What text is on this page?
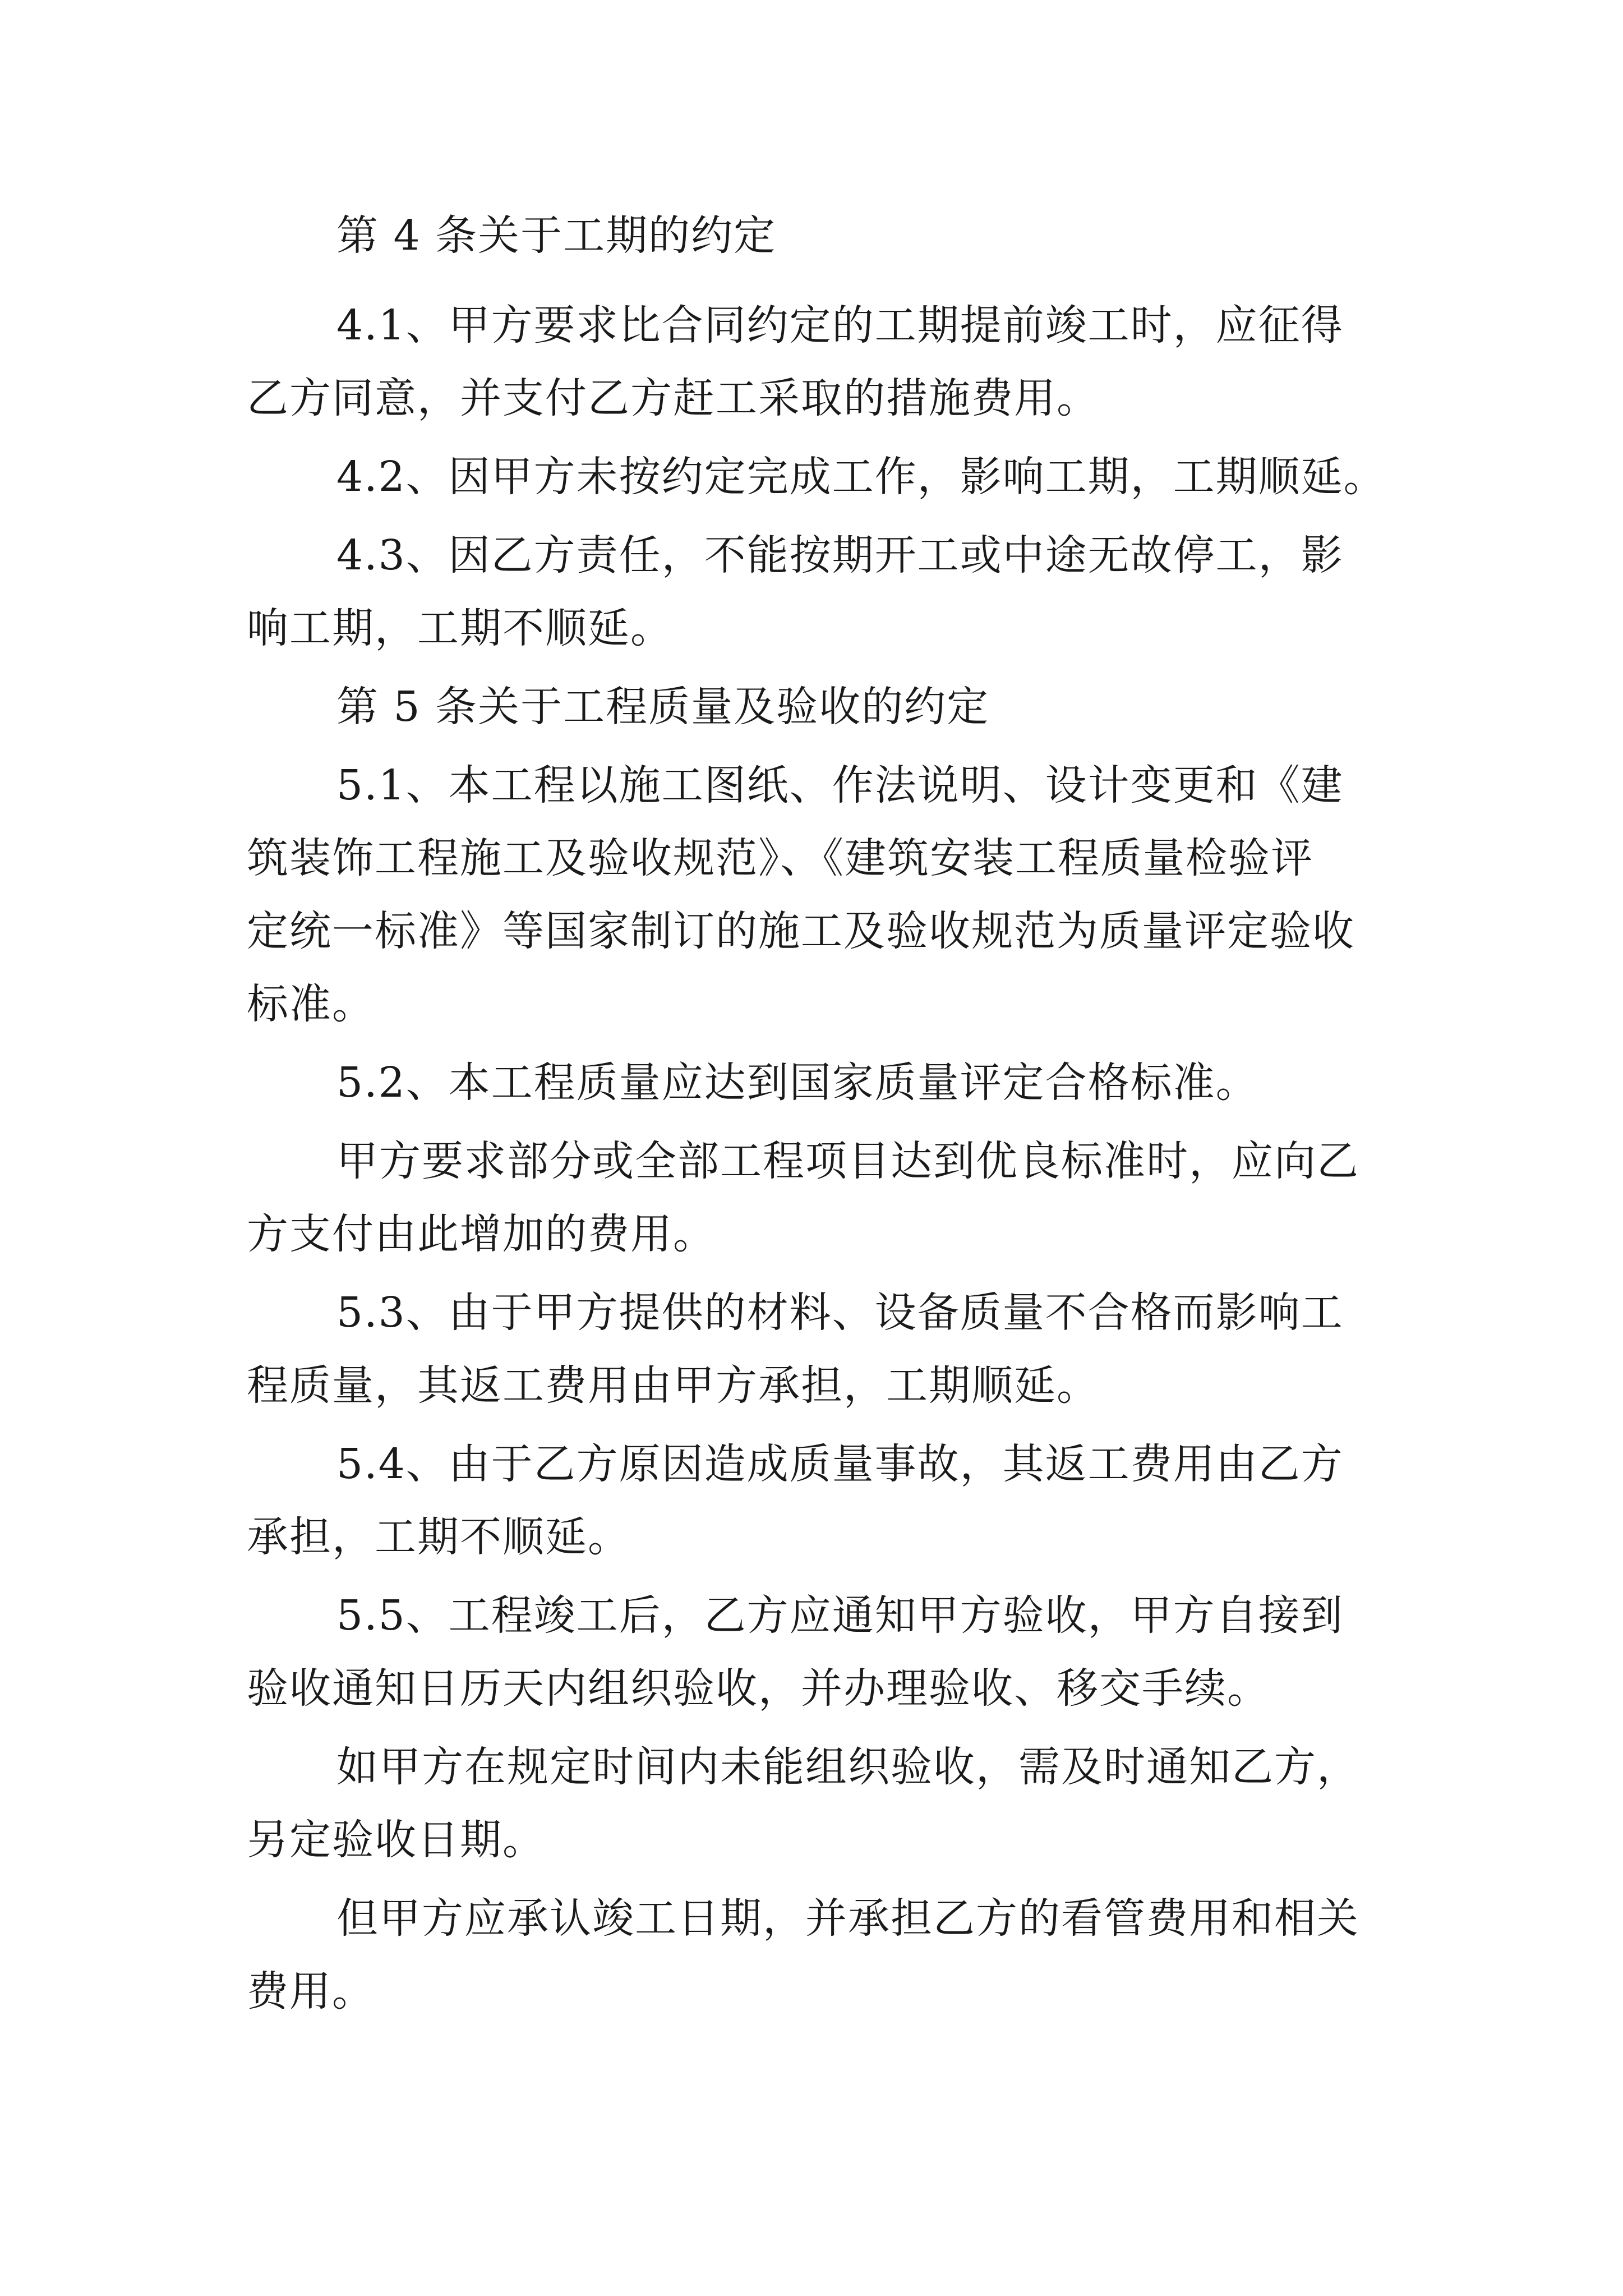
第 4 条关于工期的约定
4.1、甲方要求比合同约定的工期提前竣工时，应征得
乙方同意，并支付乙方赶工采取的措施费用。
4.2、因甲方未按约定完成工作，影响工期，工期顺延。
4.3、因乙方责任，不能按期开工或中途无故停工，影
响工期，工期不顺延。
第 5 条关于工程质量及验收的约定
5.1、本工程以施工图纸、作法说明、设计变更和《建
筑装饰工程施工及验收规范》、《建筑安装工程质量检验评
定统一标准》等国家制订的施工及验收规范为质量评定验收
标准。
5.2、本工程质量应达到国家质量评定合格标准。
甲方要求部分或全部工程项目达到优良标准时，应向乙
方支付由此增加的费用。
5.3、由于甲方提供的材料、设备质量不合格而影响工
程质量，其返工费用由甲方承担，工期顺延。
5.4、由于乙方原因造成质量事故，其返工费用由乙方
承担，工期不顺延。
5.5、工程竣工后，乙方应通知甲方验收，甲方自接到
验收通知日历天内组织验收，并办理验收、移交手续。
如甲方在规定时间内未能组织验收，需及时通知乙方，
另定验收日期。
但甲方应承认竣工日期，并承担乙方的看管费用和相关
费用。
